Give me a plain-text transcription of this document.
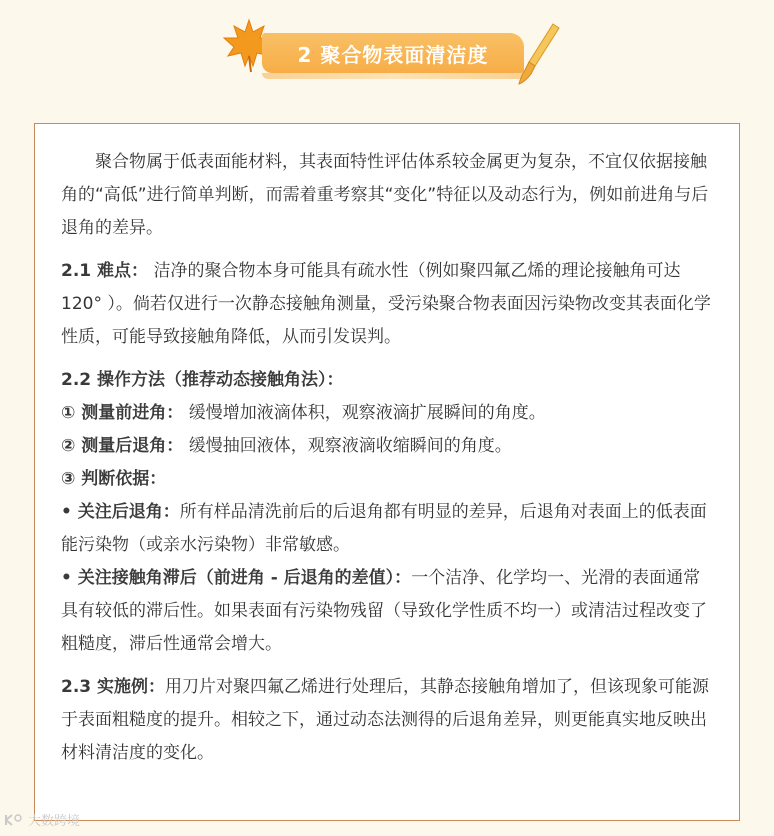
2 聚合物表面清洁度

聚合物属于低表面能材料，其表面特性评估体系较金属更为复杂，不宜仅依据接触角的“高低”进行简单判断，而需着重考察其“变化”特征以及动态行为，例如前进角与后退角的差异。

2.1 难点： 洁净的聚合物本身可能具有疏水性（例如聚四氟乙烯的理论接触角可达 120° ）。倘若仅进行一次静态接触角测量，受污染聚合物表面因污染物改变其表面化学性质，可能导致接触角降低，从而引发误判。

2.2 操作方法（推荐动态接触角法）：

① 测量前进角： 缓慢增加液滴体积，观察液滴扩展瞬间的角度。

② 测量后退角： 缓慢抽回液体，观察液滴收缩瞬间的角度。

③ 判断依据：

• 关注后退角：所有样品清洗前后的后退角都有明显的差异，后退角对表面上的低表面能污染物（或亲水污染物）非常敏感。

• 关注接触角滞后（前进角 - 后退角的差值）：一个洁净、化学均一、光滑的表面通常具有较低的滞后性。如果表面有污染物残留（导致化学性质不均一）或清洁过程改变了粗糙度，滞后性通常会增大。

2.3 实施例：用刀片对聚四氟乙烯进行处理后，其静态接触角增加了，但该现象可能源于表面粗糙度的提升。相较之下，通过动态法测得的后退角差异，则更能真实地反映出材料清洁度的变化。

大数跨境
